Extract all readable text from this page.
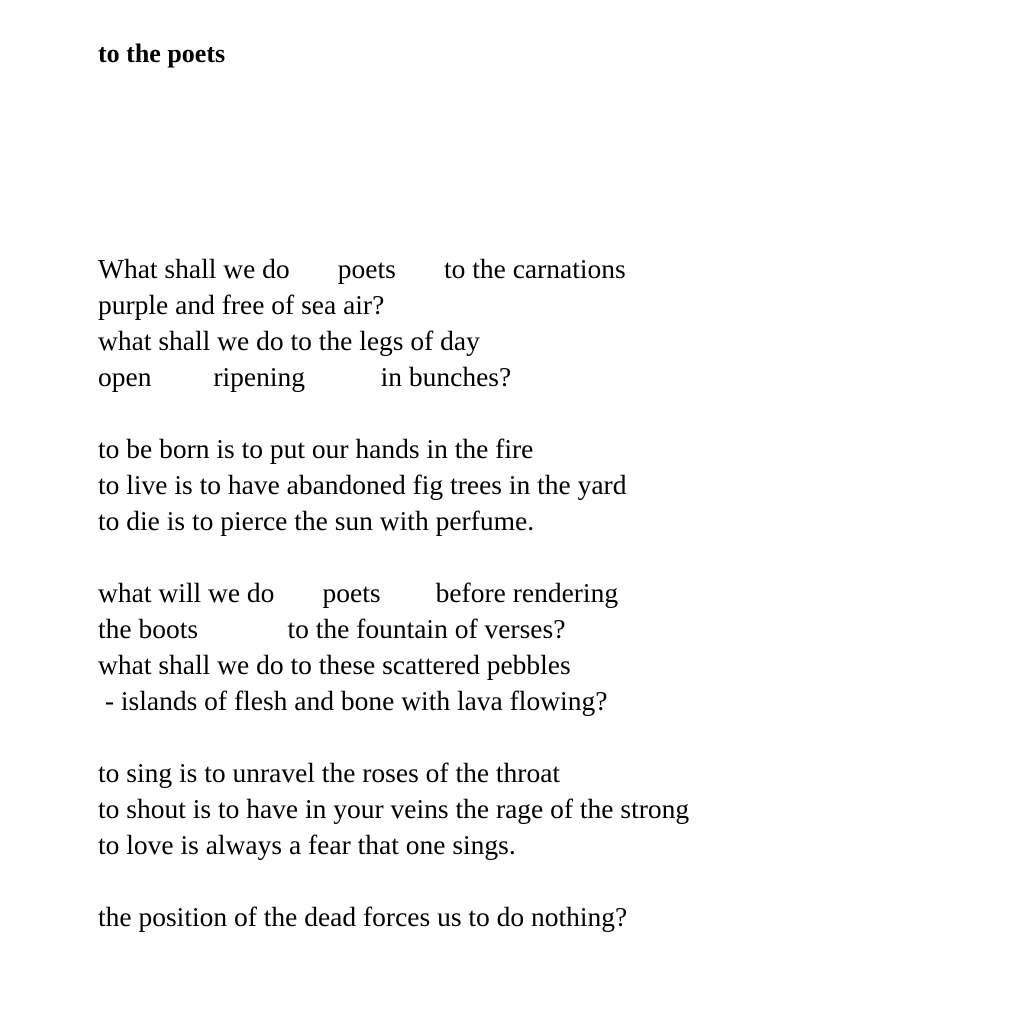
to the poets
What shall we do       poets       to the carnations
purple and free of sea air?
what shall we do to the legs of day
open         ripening           in bunches?
to be born is to put our hands in the fire
to live is to have abandoned fig trees in the yard
to die is to pierce the sun with perfume.
what will we do       poets        before rendering
the boots             to the fountain of verses?
what shall we do to these scattered pebbles
- islands of flesh and bone with lava flowing?
to sing is to unravel the roses of the throat
to shout is to have in your veins the rage of the strong
to love is always a fear that one sings.
the position of the dead forces us to do nothing?
